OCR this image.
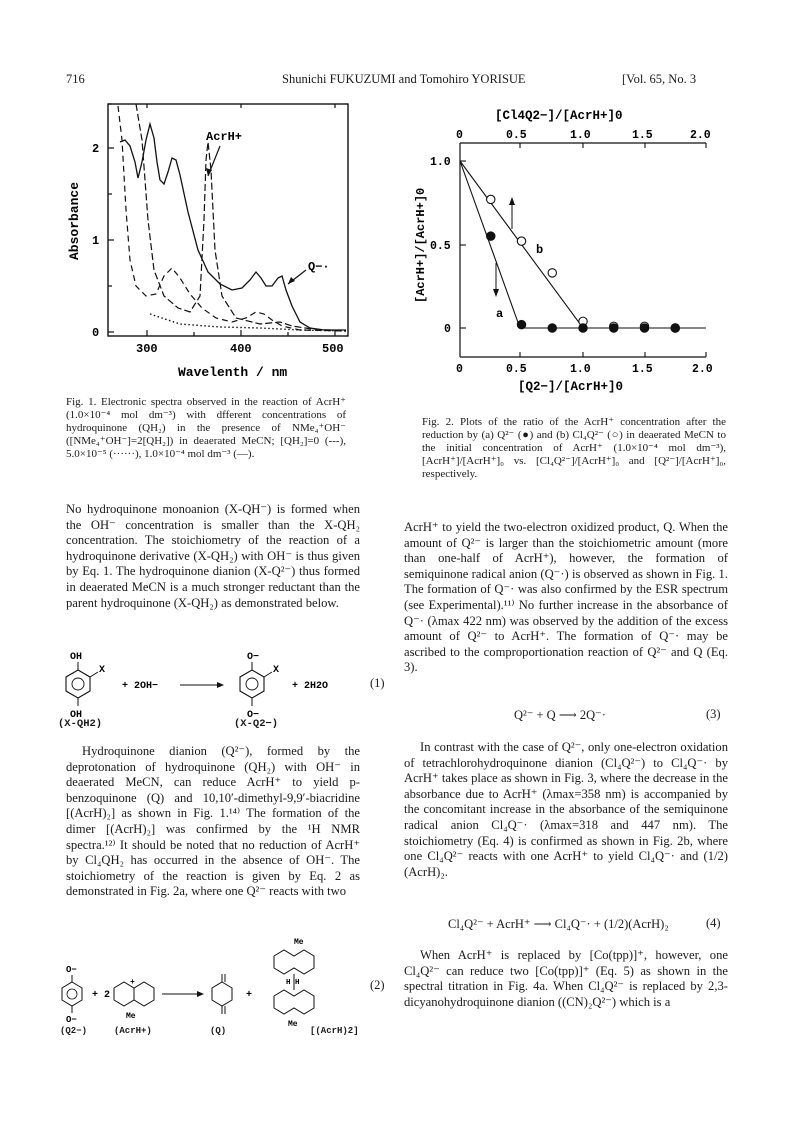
716	Shunichi FUKUZUMI and Tomohiro YORISUE	[Vol. 65, No. 3
0
1
2
300	400	500
Absorbance
Wavelenth / nm
AcrH+
Q−·

Fig. 1. Electronic spectra observed in the reaction of AcrH⁺ (1.0×10⁻⁴ mol dm⁻³) with dfferent concentrations of hydroquinone (QH₂) in the presence of NMe₄⁺OH⁻ ([NMe₄⁺OH⁻]=2[QH₂]) in deaerated MeCN; [QH₂]=0 (---), 5.0×10⁻⁵ (······), 1.0×10⁻⁴ mol dm⁻³ (—).

[Cl4Q2−]/[AcrH+]0
0	0.5	1.0	1.5	2.0
1.0
0.5
0
0	0.5	1.0	1.5	2.0
[AcrH+]/[AcrH+]0
[Q2−]/[AcrH+]0
a
b

Fig. 2. Plots of the ratio of the AcrH⁺ concentration after the reduction by (a) Q²⁻ (●) and (b) Cl₄Q²⁻ (○) in deaerated MeCN to the initial concentration of AcrH⁺ (1.0×10⁻⁴ mol dm⁻³), [AcrH⁺]/[AcrH⁺]₀ vs. [Cl₄Q²⁻]/[AcrH⁺]₀ and [Q²⁻]/[AcrH⁺]₀, respectively.

No hydroquinone monoanion (X-QH⁻) is formed when the OH⁻ concentration is smaller than the X-QH₂ concentration. The stoichiometry of the reaction of a hydroquinone derivative (X-QH₂) with OH⁻ is thus given by Eq. 1. The hydroquinone dianion (X-Q²⁻) thus formed in deaerated MeCN is a much stronger reductant than the parent hydroquinone (X-QH₂) as demonstrated below.

OH
X
OH
+ 2OH−
O−
X
O−
+ 2H2O	(1)
(X-QH2)	(X-Q2−)

Hydroquinone dianion (Q²⁻), formed by the deprotonation of hydroquinone (QH₂) with OH⁻ in deaerated MeCN, can reduce AcrH⁺ to yield p-benzoquinone (Q) and 10,10′-dimethyl-9,9′-biacridine [(AcrH)₂] as shown in Fig. 1.¹⁴⁾ The formation of the dimer [(AcrH)₂] was confirmed by the ¹H NMR spectra.¹²⁾ It should be noted that no reduction of AcrH⁺ by Cl₄QH₂ has occurred in the absence of OH⁻. The stoichiometry of the reaction is given by Eq. 2 as demonstrated in Fig. 2a, where one Q²⁻ reacts with two

O−
O−
+ 2
+
Me
+
Me
H H
Me
(2)
(Q2−)	(AcrH+)	(Q)	[(AcrH)2]

AcrH⁺ to yield the two-electron oxidized product, Q. When the amount of Q²⁻ is larger than the stoichiometric amount (more than one-half of AcrH⁺), however, the formation of semiquinone radical anion (Q⁻·) is observed as shown in Fig. 1. The formation of Q⁻· was also confirmed by the ESR spectrum (see Experimental).¹¹⁾ No further increase in the absorbance of Q⁻· (λmax 422 nm) was observed by the addition of the excess amount of Q²⁻ to AcrH⁺. The formation of Q⁻· may be ascribed to the comproportionation reaction of Q²⁻ and Q (Eq. 3).

Q²⁻ + Q ⟶ 2Q⁻·	(3)

In contrast with the case of Q²⁻, only one-electron oxidation of tetrachlorohydroquinone dianion (Cl₄Q²⁻) to Cl₄Q⁻· by AcrH⁺ takes place as shown in Fig. 3, where the decrease in the absorbance due to AcrH⁺ (λmax=358 nm) is accompanied by the concomitant increase in the absorbance of the semiquinone radical anion Cl₄Q⁻· (λmax=318 and 447 nm). The stoichiometry (Eq. 4) is confirmed as shown in Fig. 2b, where one Cl₄Q²⁻ reacts with one AcrH⁺ to yield Cl₄Q⁻· and (1/2) (AcrH)₂.

Cl₄Q²⁻ + AcrH⁺ ⟶ Cl₄Q⁻· + (1/2)(AcrH)₂	(4)

When AcrH⁺ is replaced by [Co(tpp)]⁺, however, one Cl₄Q²⁻ can reduce two [Co(tpp)]⁺ (Eq. 5) as shown in the spectral titration in Fig. 4a. When Cl₄Q²⁻ is replaced by 2,3-dicyanohydroquinone dianion ((CN)₂Q²⁻) which is a
